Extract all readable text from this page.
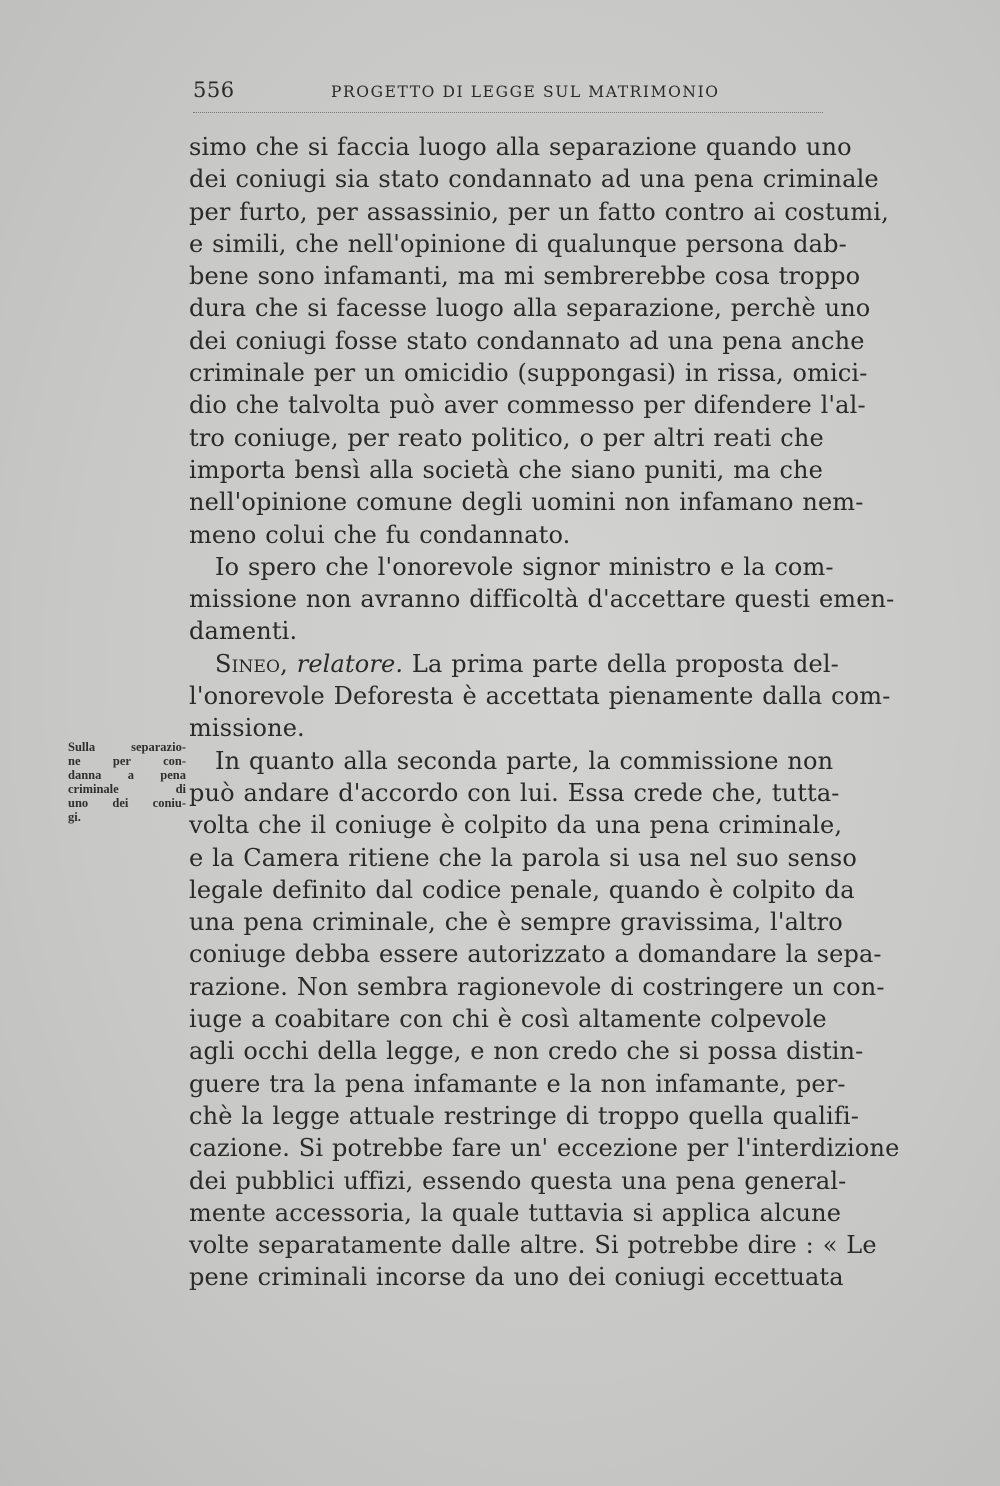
556	PROGETTO DI LEGGE SUL MATRIMONIO
Sulla separazio-
ne per con-
danna a pena
criminale di
uno dei coniu-
gi.
simo che si faccia luogo alla separazione quando uno
dei coniugi sia stato condannato ad una pena criminale
per furto, per assassinio, per un fatto contro ai costumi,
e simili, che nell'opinione di qualunque persona dab-
bene sono infamanti, ma mi sembrerebbe cosa troppo
dura che si facesse luogo alla separazione, perchè uno
dei coniugi fosse stato condannato ad una pena anche
criminale per un omicidio (suppongasi) in rissa, omici-
dio che talvolta può aver commesso per difendere l'al-
tro coniuge, per reato politico, o per altri reati che
importa bensì alla società che siano puniti, ma che
nell'opinione comune degli uomini non infamano nem-
meno colui che fu condannato.
Io spero che l'onorevole signor ministro e la com-
missione non avranno difficoltà d'accettare questi emen-
damenti.
Sineo, relatore. La prima parte della proposta del-
l'onorevole Deforesta è accettata pienamente dalla com-
missione.
In quanto alla seconda parte, la commissione non
può andare d'accordo con lui. Essa crede che, tutta-
volta che il coniuge è colpito da una pena criminale,
e la Camera ritiene che la parola si usa nel suo senso
legale definito dal codice penale, quando è colpito da
una pena criminale, che è sempre gravissima, l'altro
coniuge debba essere autorizzato a domandare la sepa-
razione. Non sembra ragionevole di costringere un con-
iuge a coabitare con chi è così altamente colpevole
agli occhi della legge, e non credo che si possa distin-
guere tra la pena infamante e la non infamante, per-
chè la legge attuale restringe di troppo quella qualifi-
cazione. Si potrebbe fare un' eccezione per l'interdizione
dei pubblici uffizi, essendo questa una pena general-
mente accessoria, la quale tuttavia si applica alcune
volte separatamente dalle altre. Si potrebbe dire : « Le
pene criminali incorse da uno dei coniugi eccettuata
